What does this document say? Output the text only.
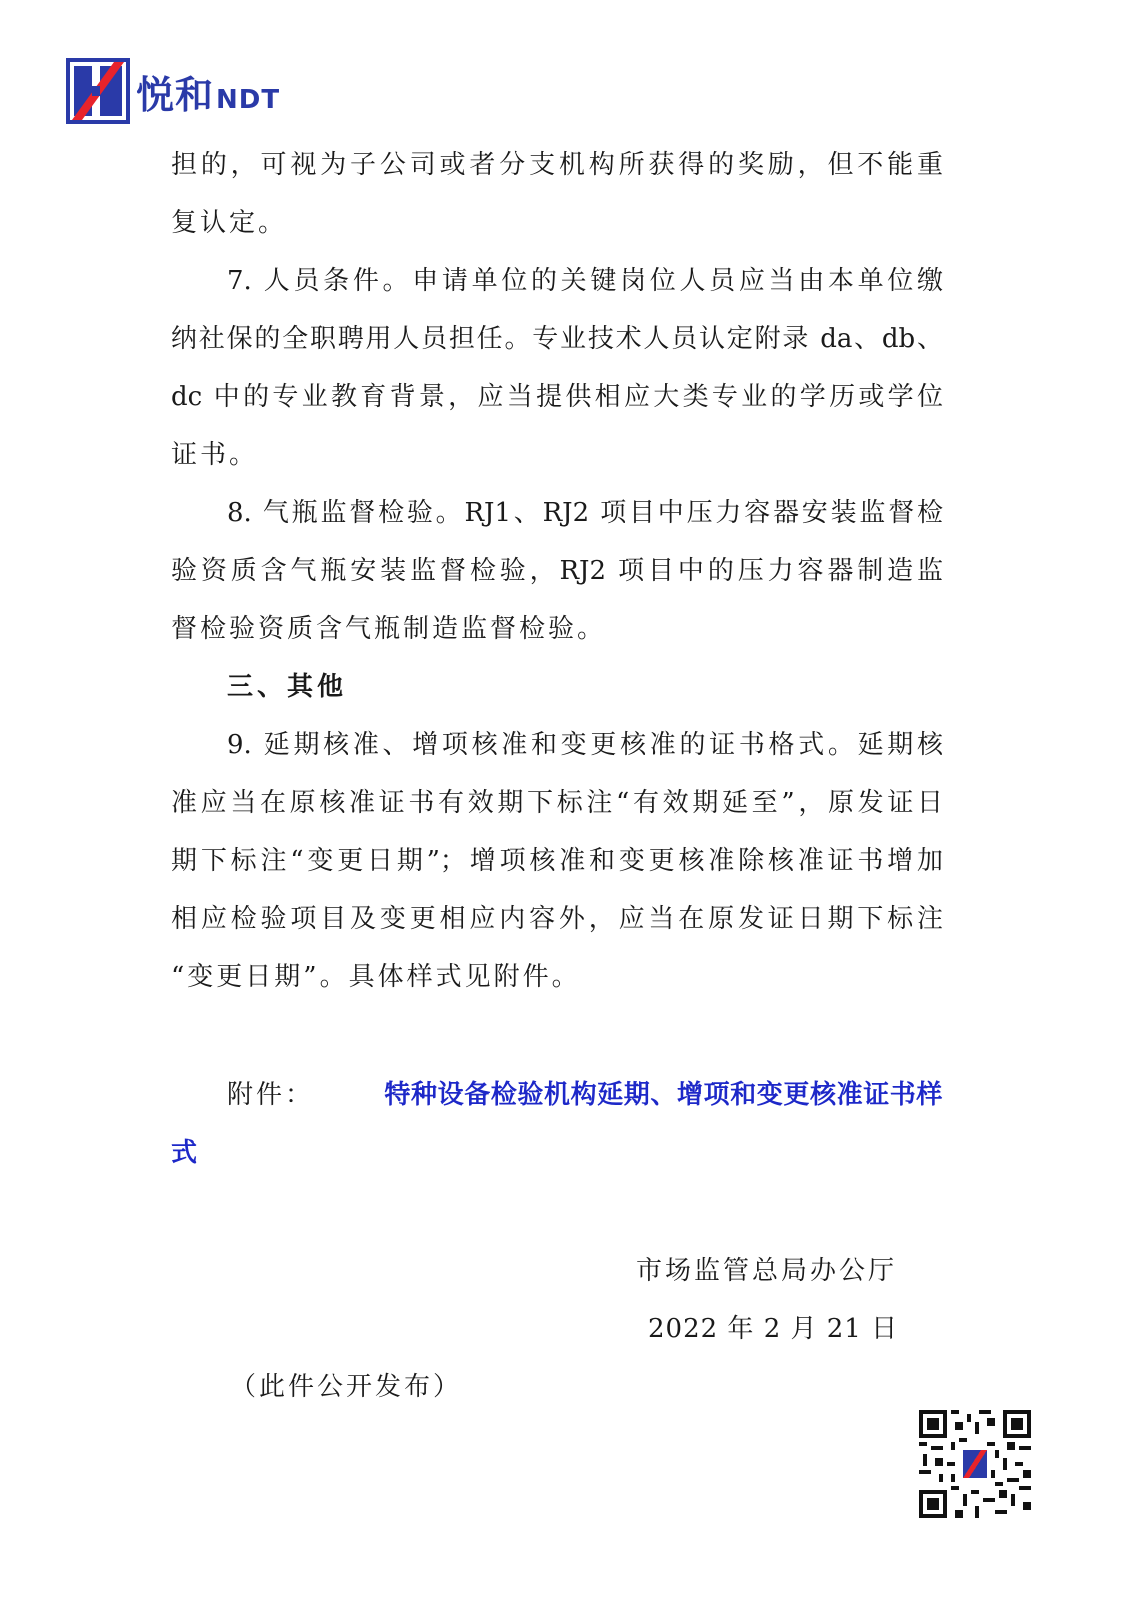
悦和 NDT
担的，可视为子公司或者分支机构所获得的奖励，但不能重
复认定。
7. 人员条件。申请单位的关键岗位人员应当由本单位缴
纳社保的全职聘用人员担任。专业技术人员认定附录 da、db、
dc 中的专业教育背景，应当提供相应大类专业的学历或学位
证书。
8. 气瓶监督检验。RJ1、RJ2 项目中压力容器安装监督检
验资质含气瓶安装监督检验，RJ2 项目中的压力容器制造监
督检验资质含气瓶制造监督检验。
三、其他
9. 延期核准、增项核准和变更核准的证书格式。延期核
准应当在原核准证书有效期下标注“有效期延至”，原发证日
期下标注“变更日期”；增项核准和变更核准除核准证书增加
相应检验项目及变更相应内容外，应当在原发证日期下标注
“变更日期”。具体样式见附件。
附件：	特种设备检验机构延期、增项和变更核准证书样
式
市场监管总局办公厅
2022 年 2 月 21 日
（此件公开发布）
